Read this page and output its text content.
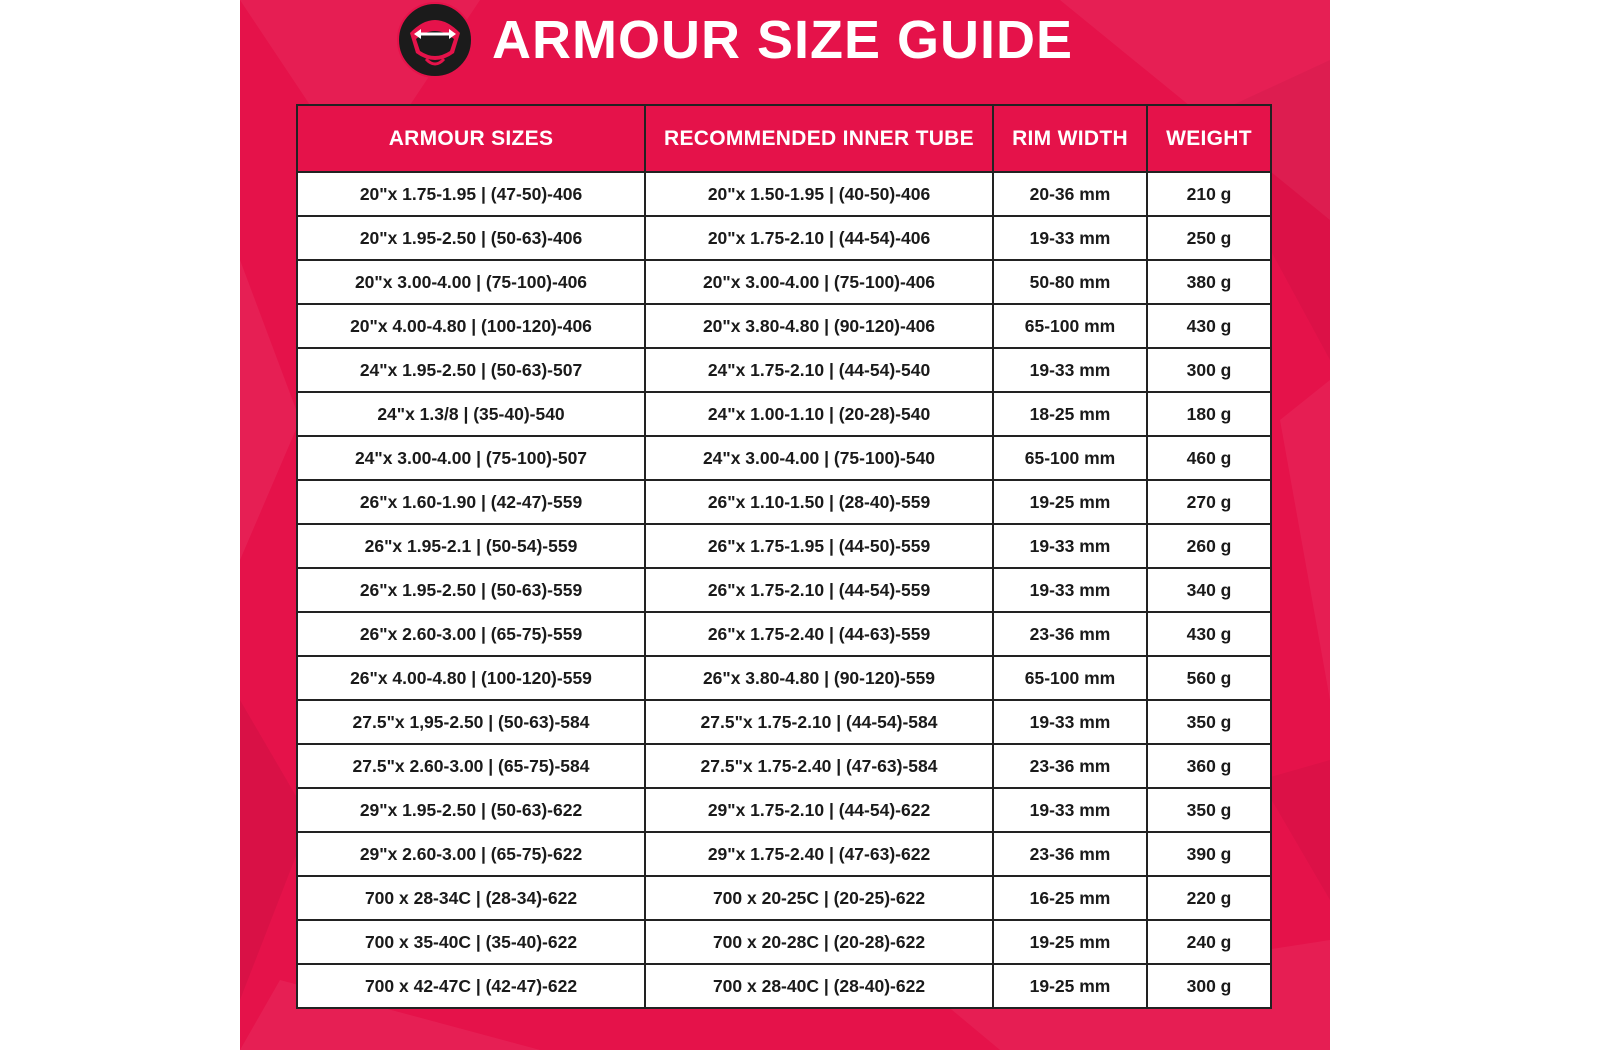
ARMOUR SIZE GUIDE
ARMOUR SIZES	RECOMMENDED INNER TUBE	RIM WIDTH	WEIGHT
20"x 1.75-1.95 | (47-50)-406	20"x 1.50-1.95 | (40-50)-406	20-36 mm	210 g
20"x 1.95-2.50 | (50-63)-406	20"x 1.75-2.10 | (44-54)-406	19-33 mm	250 g
20"x 3.00-4.00 | (75-100)-406	20"x 3.00-4.00 | (75-100)-406	50-80 mm	380 g
20"x 4.00-4.80 | (100-120)-406	20"x 3.80-4.80 | (90-120)-406	65-100 mm	430 g
24"x 1.95-2.50 | (50-63)-507	24"x 1.75-2.10 | (44-54)-540	19-33 mm	300 g
24"x 1.3/8 | (35-40)-540	24"x 1.00-1.10 | (20-28)-540	18-25 mm	180 g
24"x 3.00-4.00 | (75-100)-507	24"x 3.00-4.00 | (75-100)-540	65-100 mm	460 g
26"x 1.60-1.90 | (42-47)-559	26"x 1.10-1.50 | (28-40)-559	19-25 mm	270 g
26"x 1.95-2.1 | (50-54)-559	26"x 1.75-1.95 | (44-50)-559	19-33 mm	260 g
26"x 1.95-2.50 | (50-63)-559	26"x 1.75-2.10 | (44-54)-559	19-33 mm	340 g
26"x 2.60-3.00 | (65-75)-559	26"x 1.75-2.40 | (44-63)-559	23-36 mm	430 g
26"x 4.00-4.80 | (100-120)-559	26"x 3.80-4.80 | (90-120)-559	65-100 mm	560 g
27.5"x 1,95-2.50 | (50-63)-584	27.5"x 1.75-2.10 | (44-54)-584	19-33 mm	350 g
27.5"x 2.60-3.00 | (65-75)-584	27.5"x 1.75-2.40 | (47-63)-584	23-36 mm	360 g
29"x 1.95-2.50 | (50-63)-622	29"x 1.75-2.10 | (44-54)-622	19-33 mm	350 g
29"x 2.60-3.00 | (65-75)-622	29"x 1.75-2.40 | (47-63)-622	23-36 mm	390 g
700 x 28-34C | (28-34)-622	700 x 20-25C | (20-25)-622	16-25 mm	220 g
700 x 35-40C | (35-40)-622	700 x 20-28C | (20-28)-622	19-25 mm	240 g
700 x 42-47C | (42-47)-622	700 x 28-40C | (28-40)-622	19-25 mm	300 g
